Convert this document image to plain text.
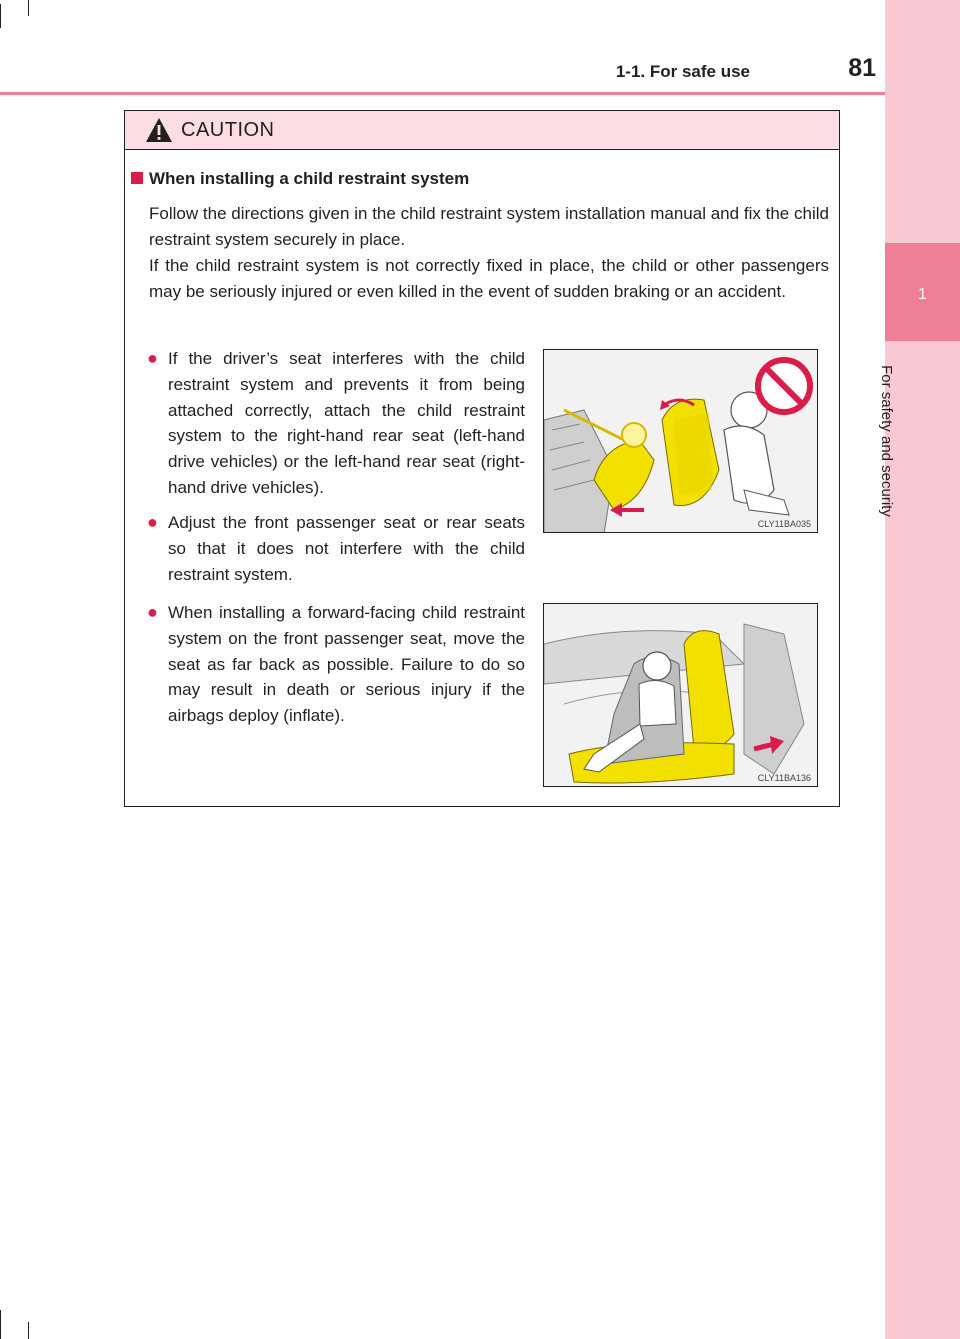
1
For safety and security
1-1. For safe use	81
CAUTION
When installing a child restraint system
Follow the directions given in the child restraint system installation manual and fix the child restraint system securely in place.
If the child restraint system is not correctly fixed in place, the child or other passengers may be seriously injured or even killed in the event of sudden braking or an accident.
● If the driver’s seat interferes with the child restraint system and prevents it from being attached correctly, attach the child restraint system to the right-hand rear seat (left-hand drive vehicles) or the left-hand rear seat (right-hand drive vehicles).
● Adjust the front passenger seat or rear seats so that it does not interfere with the child restraint system.
● When installing a forward-facing child restraint system on the front passenger seat, move the seat as far back as possible. Failure to do so may result in death or serious injury if the airbags deploy (inflate).
CLY11BA035
CLY11BA136
